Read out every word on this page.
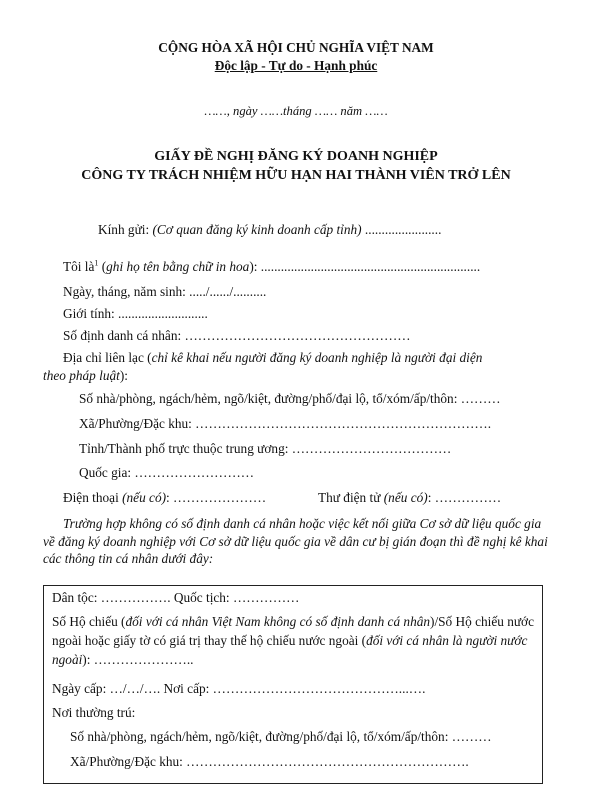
CỘNG HÒA XÃ HỘI CHỦ NGHĨA VIỆT NAM
Độc lập - Tự do - Hạnh phúc
……, ngày ……tháng …… năm ……
GIẤY ĐỀ NGHỊ ĐĂNG KÝ DOANH NGHIỆP
CÔNG TY TRÁCH NHIỆM HỮU HẠN HAI THÀNH VIÊN TRỞ LÊN
Kính gửi: (Cơ quan đăng ký kinh doanh cấp tỉnh) .......................
Tôi $là^1$ (ghi họ tên bằng chữ in hoa): ..................................................................
Ngày, tháng, năm sinh: ...../....../..........
Giới tính: ...........................
Số định danh cá nhân: ……………………………………………
Địa chỉ liên lạc (chỉ kê khai nếu người đăng ký doanh nghiệp là người đại diện
theo pháp luật):
Số nhà/phòng, ngách/hẻm, ngõ/kiệt, đường/phố/đại lộ, tổ/xóm/ấp/thôn: ………
Xã/Phường/Đặc khu: ………………………………………………………….
Tỉnh/Thành phố trực thuộc trung ương: ………………………………
Quốc gia: ………………………
Điện thoại (nếu có): …………………	Thư điện tử (nếu có): ……………
Trường hợp không có số định danh cá nhân hoặc việc kết nối giữa Cơ sở dữ liệu quốc gia về đăng ký doanh nghiệp với Cơ sở dữ liệu quốc gia về dân cư bị gián đoạn thì đề nghị kê khai các thông tin cá nhân dưới đây:
Dân tộc: ……………. Quốc tịch: ……………
Số Hộ chiếu (đối với cá nhân Việt Nam không có số định danh cá nhân)/Số Hộ chiếu nước ngoài hoặc giấy tờ có giá trị thay thế hộ chiếu nước ngoài (đối với cá nhân là người nước ngoài): …………………..
Ngày cấp: …/…/…. Nơi cấp: ……………………………………...….
Nơi thường trú:
Số nhà/phòng, ngách/hẻm, ngõ/kiệt, đường/phố/đại lộ, tổ/xóm/ấp/thôn: ………
Xã/Phường/Đặc khu: ……………………………………………………….
